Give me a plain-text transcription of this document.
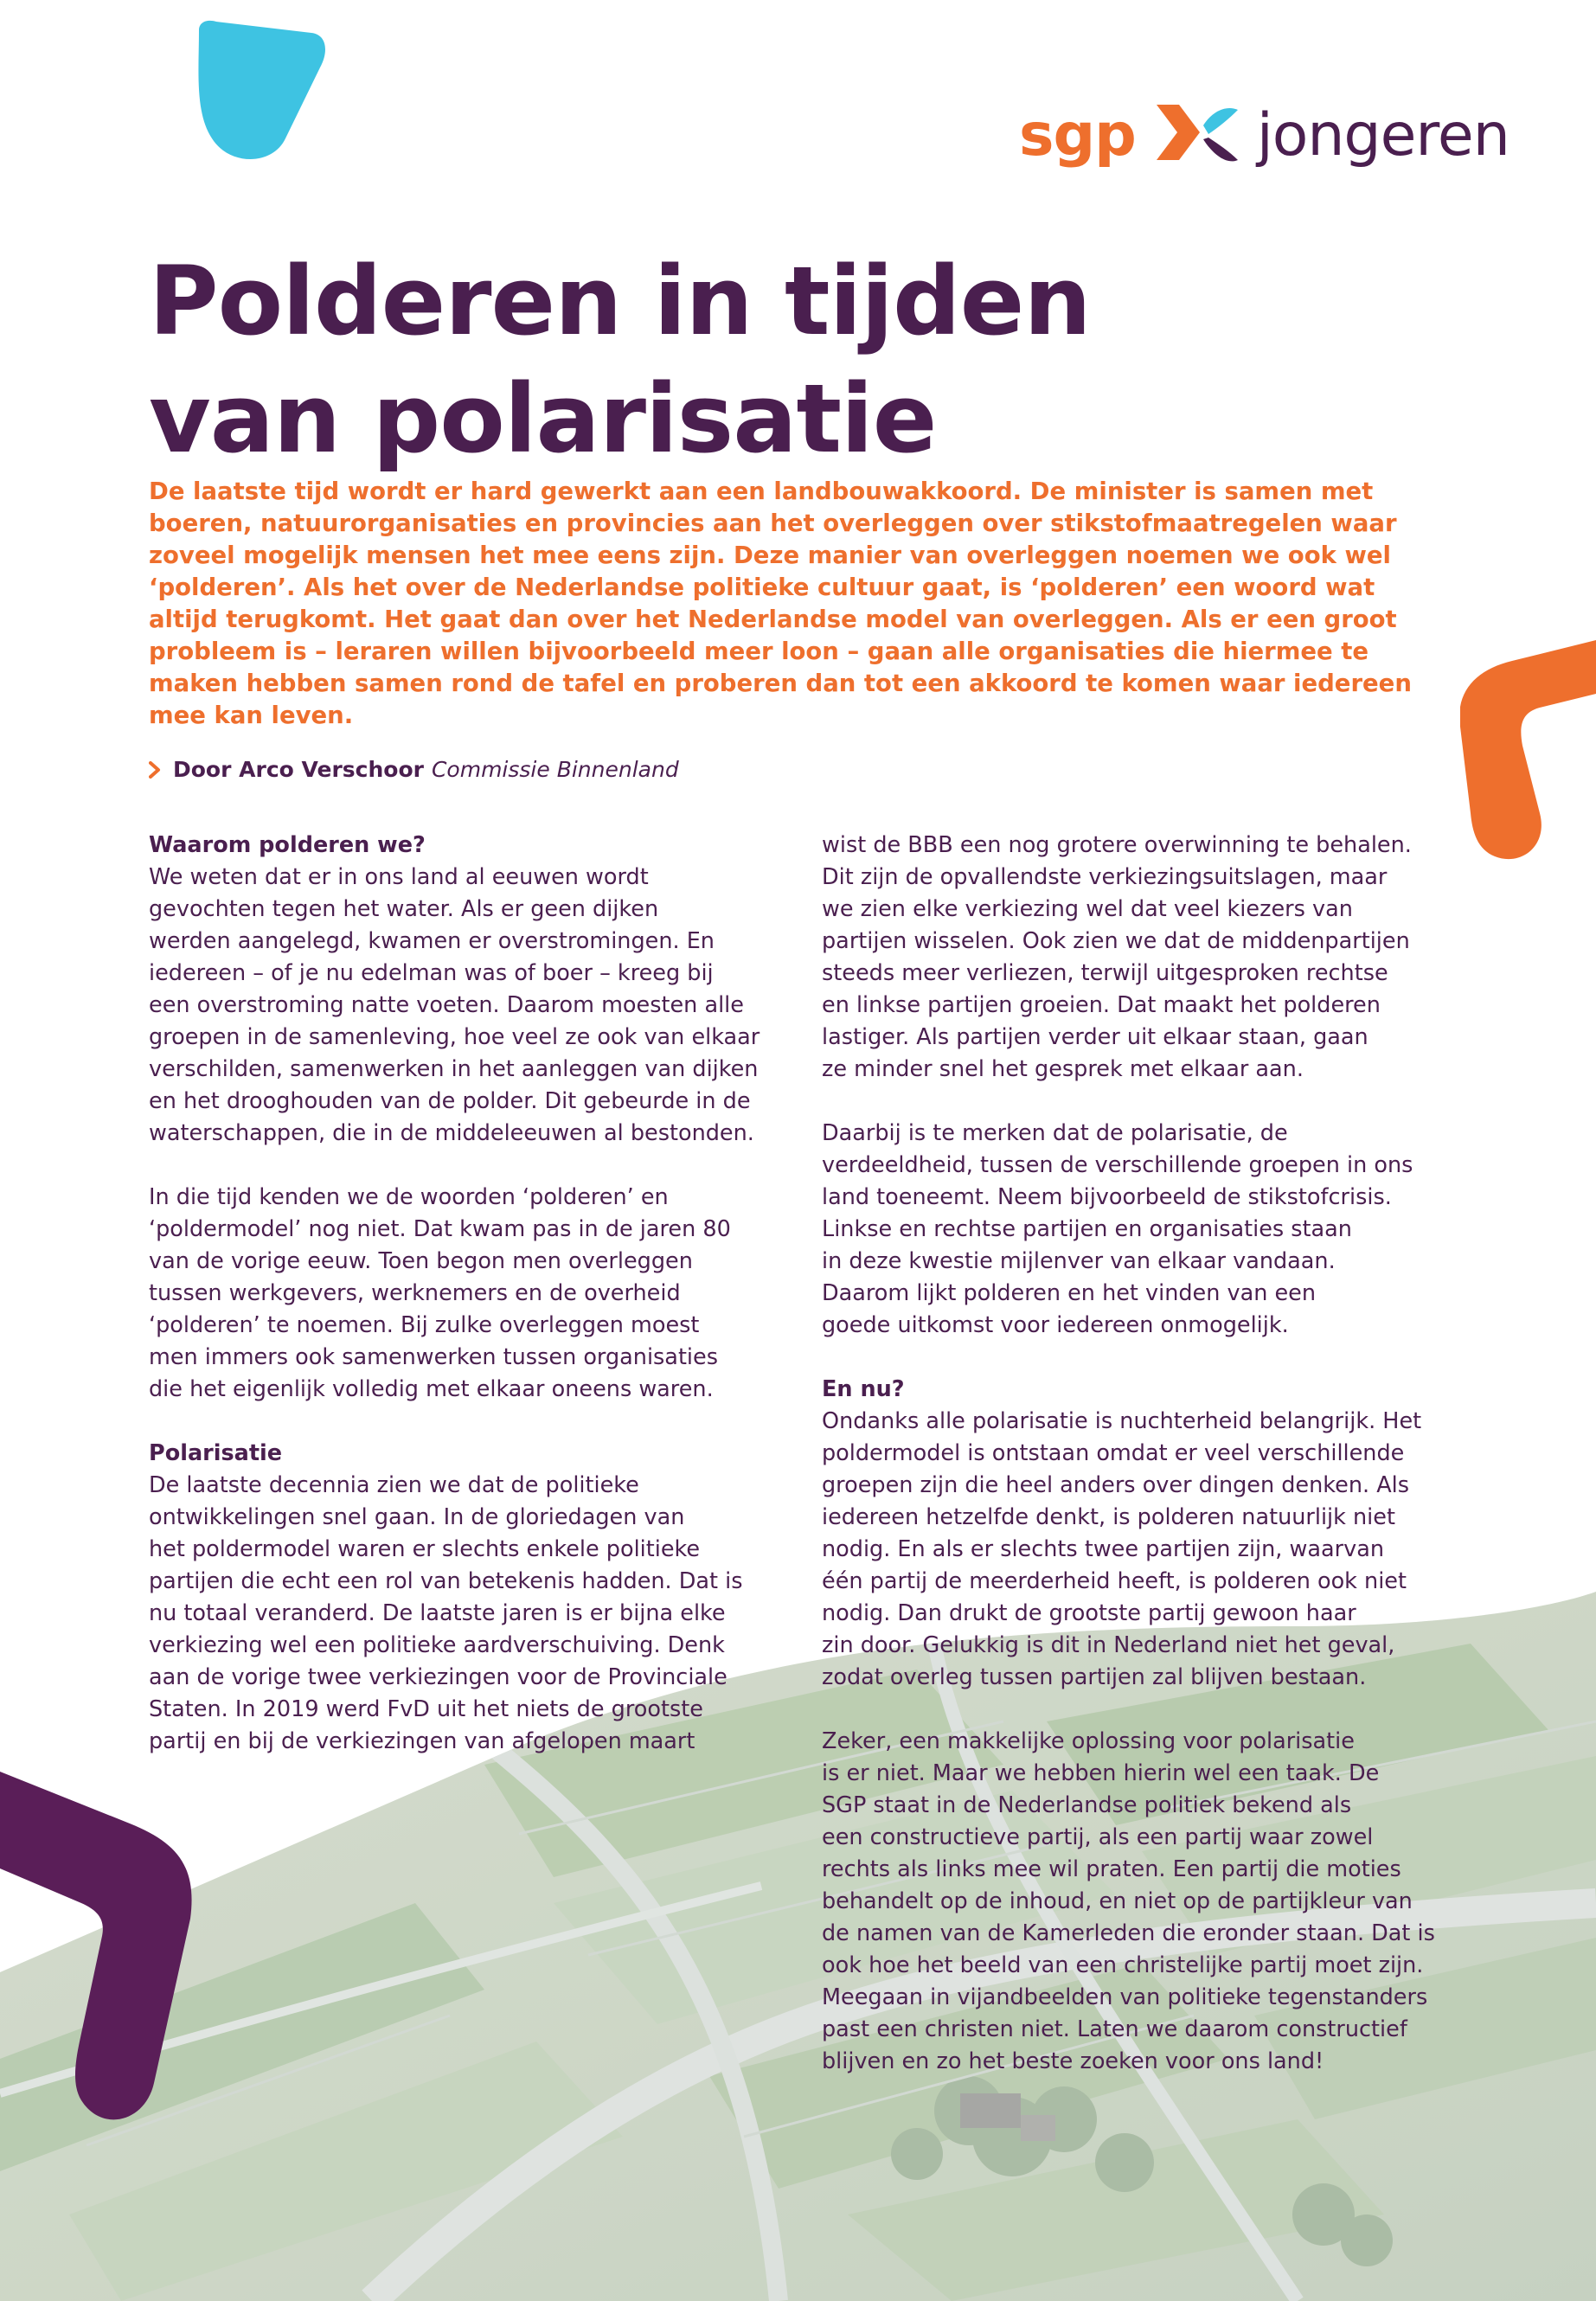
sgp jongeren
Polderen in tijden
van polarisatie

De laatste tijd wordt er hard gewerkt aan een landbouwakkoord. De minister is samen met boeren, natuurorganisaties en provincies aan het overleggen over stikstofmaatregelen waar zoveel mogelijk mensen het mee eens zijn. Deze manier van overleggen noemen we ook wel ‘polderen’. Als het over de Nederlandse politieke cultuur gaat, is ‘polderen’ een woord wat altijd terugkomt. Het gaat dan over het Nederlandse model van overleggen. Als er een groot probleem is – leraren willen bijvoorbeeld meer loon – gaan alle organisaties die hiermee te maken hebben samen rond de tafel en proberen dan tot een akkoord te komen waar iedereen mee kan leven.

Door Arco Verschoor Commissie Binnenland
Waarom polderen we?

We weten dat er in ons land al eeuwen wordt
gevochten tegen het water. Als er geen dijken
werden aangelegd, kwamen er overstromingen. En
iedereen – of je nu edelman was of boer – kreeg bij
een overstroming natte voeten. Daarom moesten alle
groepen in de samenleving, hoe veel ze ook van elkaar
verschilden, samenwerken in het aanleggen van dijken
en het drooghouden van de polder. Dit gebeurde in de
waterschappen, die in de middeleeuwen al bestonden.

In die tijd kenden we de woorden ‘polderen’ en
‘poldermodel’ nog niet. Dat kwam pas in de jaren 80
van de vorige eeuw. Toen begon men overleggen
tussen werkgevers, werknemers en de overheid
‘polderen’ te noemen. Bij zulke overleggen moest
men immers ook samenwerken tussen organisaties
die het eigenlijk volledig met elkaar oneens waren.

Polarisatie

De laatste decennia zien we dat de politieke
ontwikkelingen snel gaan. In de gloriedagen van
het poldermodel waren er slechts enkele politieke
partijen die echt een rol van betekenis hadden. Dat is
nu totaal veranderd. De laatste jaren is er bijna elke
verkiezing wel een politieke aardverschuiving. Denk
aan de vorige twee verkiezingen voor de Provinciale
Staten. In 2019 werd FvD uit het niets de grootste
partij en bij de verkiezingen van afgelopen maart

wist de BBB een nog grotere overwinning te behalen.
Dit zijn de opvallendste verkiezingsuitslagen, maar
we zien elke verkiezing wel dat veel kiezers van
partijen wisselen. Ook zien we dat de middenpartijen
steeds meer verliezen, terwijl uitgesproken rechtse
en linkse partijen groeien. Dat maakt het polderen
lastiger. Als partijen verder uit elkaar staan, gaan
ze minder snel het gesprek met elkaar aan.

Daarbij is te merken dat de polarisatie, de
verdeeldheid, tussen de verschillende groepen in ons
land toeneemt. Neem bijvoorbeeld de stikstofcrisis.
Linkse en rechtse partijen en organisaties staan
in deze kwestie mijlenver van elkaar vandaan.
Daarom lijkt polderen en het vinden van een
goede uitkomst voor iedereen onmogelijk.

En nu?

Ondanks alle polarisatie is nuchterheid belangrijk. Het
poldermodel is ontstaan omdat er veel verschillende
groepen zijn die heel anders over dingen denken. Als
iedereen hetzelfde denkt, is polderen natuurlijk niet
nodig. En als er slechts twee partijen zijn, waarvan
één partij de meerderheid heeft, is polderen ook niet
nodig. Dan drukt de grootste partij gewoon haar
zin door. Gelukkig is dit in Nederland niet het geval,
zodat overleg tussen partijen zal blijven bestaan.

Zeker, een makkelijke oplossing voor polarisatie
is er niet. Maar we hebben hierin wel een taak. De
SGP staat in de Nederlandse politiek bekend als
een constructieve partij, als een partij waar zowel
rechts als links mee wil praten. Een partij die moties
behandelt op de inhoud, en niet op de partijkleur van
de namen van de Kamerleden die eronder staan. Dat is
ook hoe het beeld van een christelijke partij moet zijn.
Meegaan in vijandbeelden van politieke tegenstanders
past een christen niet. Laten we daarom constructief
blijven en zo het beste zoeken voor ons land!
